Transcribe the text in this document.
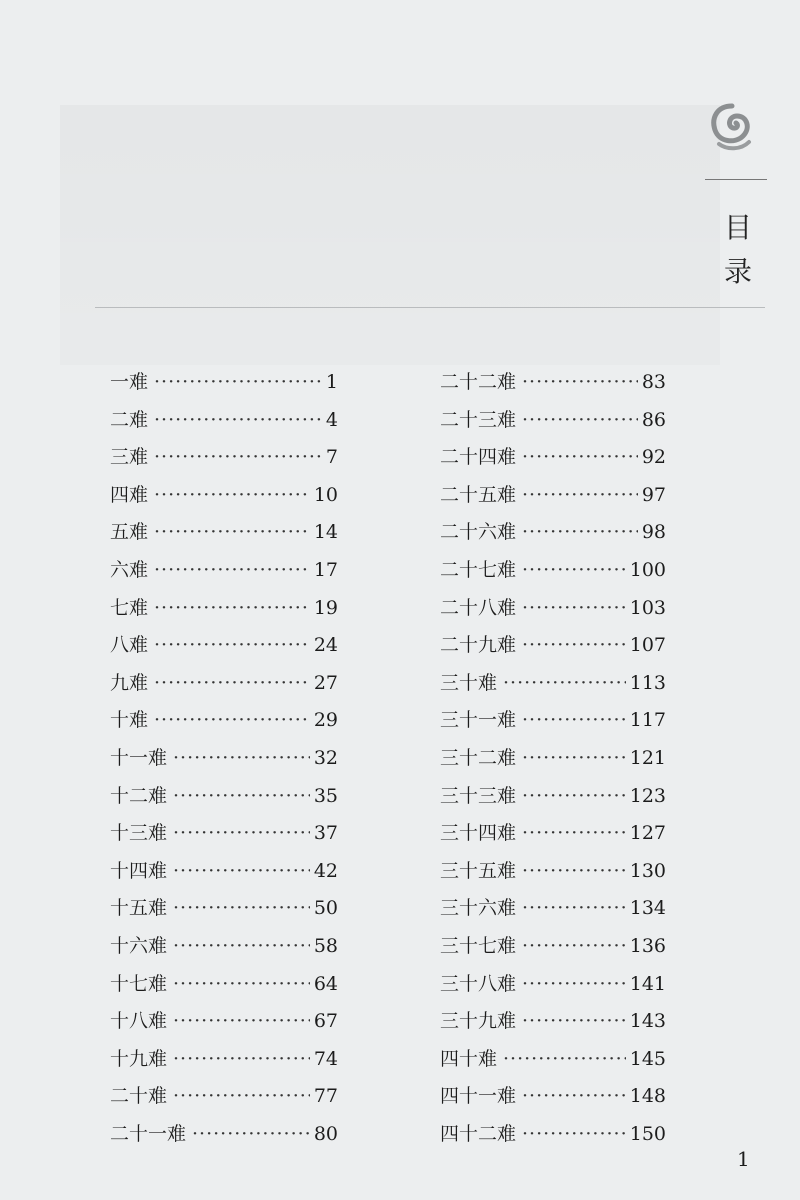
目
录
一难 ·····	1
二难 ·····	4
三难 ·····	7
四难 ·····	10
五难 ·····	14
六难 ·····	17
七难 ·····	19
八难 ·····	24
九难 ·····	27
十难 ·····	29
十一难 ·····	32
十二难 ·····	35
十三难 ·····	37
十四难 ·····	42
十五难 ·····	50
十六难 ·····	58
十七难 ·····	64
十八难 ·····	67
十九难 ·····	74
二十难 ·····	77
二十一难 ·····	80
二十二难 ·····	83
二十三难 ·····	86
二十四难 ·····	92
二十五难 ·····	97
二十六难 ·····	98
二十七难 ·····	100
二十八难 ·····	103
二十九难 ·····	107
三十难 ·····	113
三十一难 ·····	117
三十二难 ·····	121
三十三难 ·····	123
三十四难 ·····	127
三十五难 ·····	130
三十六难 ·····	134
三十七难 ·····	136
三十八难 ·····	141
三十九难 ·····	143
四十难 ·····	145
四十一难 ·····	148
四十二难 ·····	150
1
